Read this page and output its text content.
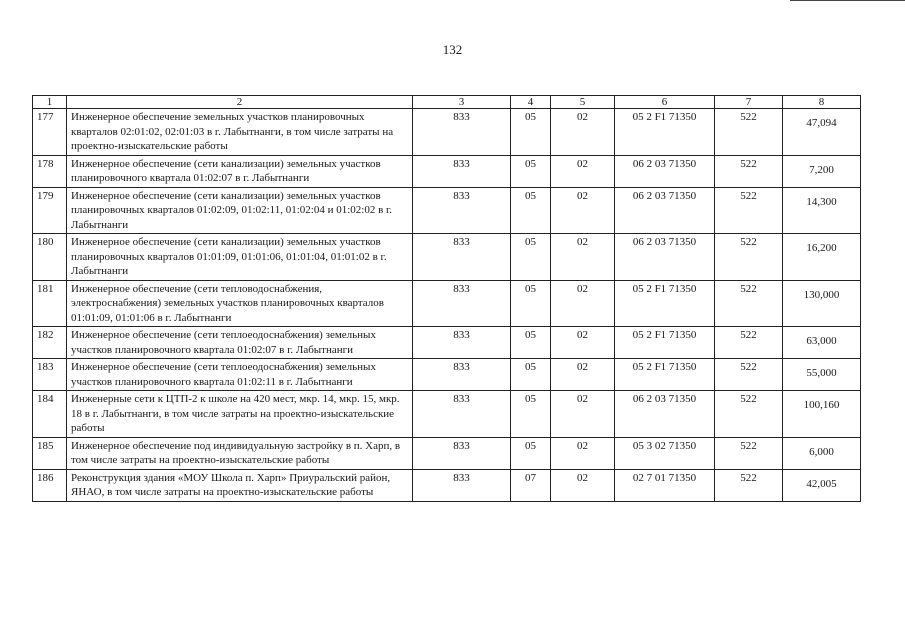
132
1	2	3	4	5	6	7	8
177	Инженерное обеспечение земельных участков планировочных кварталов 02:01:02, 02:01:03 в г. Лабытнанги, в том числе затраты на проектно-изыскательские работы	833	05	02	05 2 F1 71350	522	47,094
178	Инженерное обеспечение (сети канализации) земельных участков планировочного квартала 01:02:07 в г. Лабытнанги	833	05	02	06 2 03 71350	522	7,200
179	Инженерное обеспечение (сети канализации) земельных участков планировочных кварталов 01:02:09, 01:02:11, 01:02:04 и 01:02:02 в г. Лабытнанги	833	05	02	06 2 03 71350	522	14,300
180	Инженерное обеспечение (сети канализации) земельных участков планировочных кварталов 01:01:09, 01:01:06, 01:01:04, 01:01:02 в г. Лабытнанги	833	05	02	06 2 03 71350	522	16,200
181	Инженерное обеспечение (сети тепловодоснабжения, электроснабжения) земельных участков планировочных кварталов 01:01:09, 01:01:06 в г. Лабытнанги	833	05	02	05 2 F1 71350	522	130,000
182	Инженерное обеспечение (сети теплоеодоснабжения) земельных участков планировочного квартала 01:02:07 в г. Лабытнанги	833	05	02	05 2 F1 71350	522	63,000
183	Инженерное обеспечение (сети теплоеодоснабжения) земельных участков планировочного квартала 01:02:11 в г. Лабытнанги	833	05	02	05 2 F1 71350	522	55,000
184	Инженерные сети к ЦТП-2 к школе на 420 мест, мкр. 14, мкр. 15, мкр. 18 в г. Лабытнанги, в том числе затраты на проектно-изыскательские работы	833	05	02	06 2 03 71350	522	100,160
185	Инженерное обеспечение под индивидуальную застройку в п. Харп, в том числе затраты на проектно-изыскательские работы	833	05	02	05 3 02 71350	522	6,000
186	Реконструкция здания «МОУ Школа п. Харп» Приуральский район, ЯНАО, в том числе затраты на проектно-изыскательские работы	833	07	02	02 7 01 71350	522	42,005
